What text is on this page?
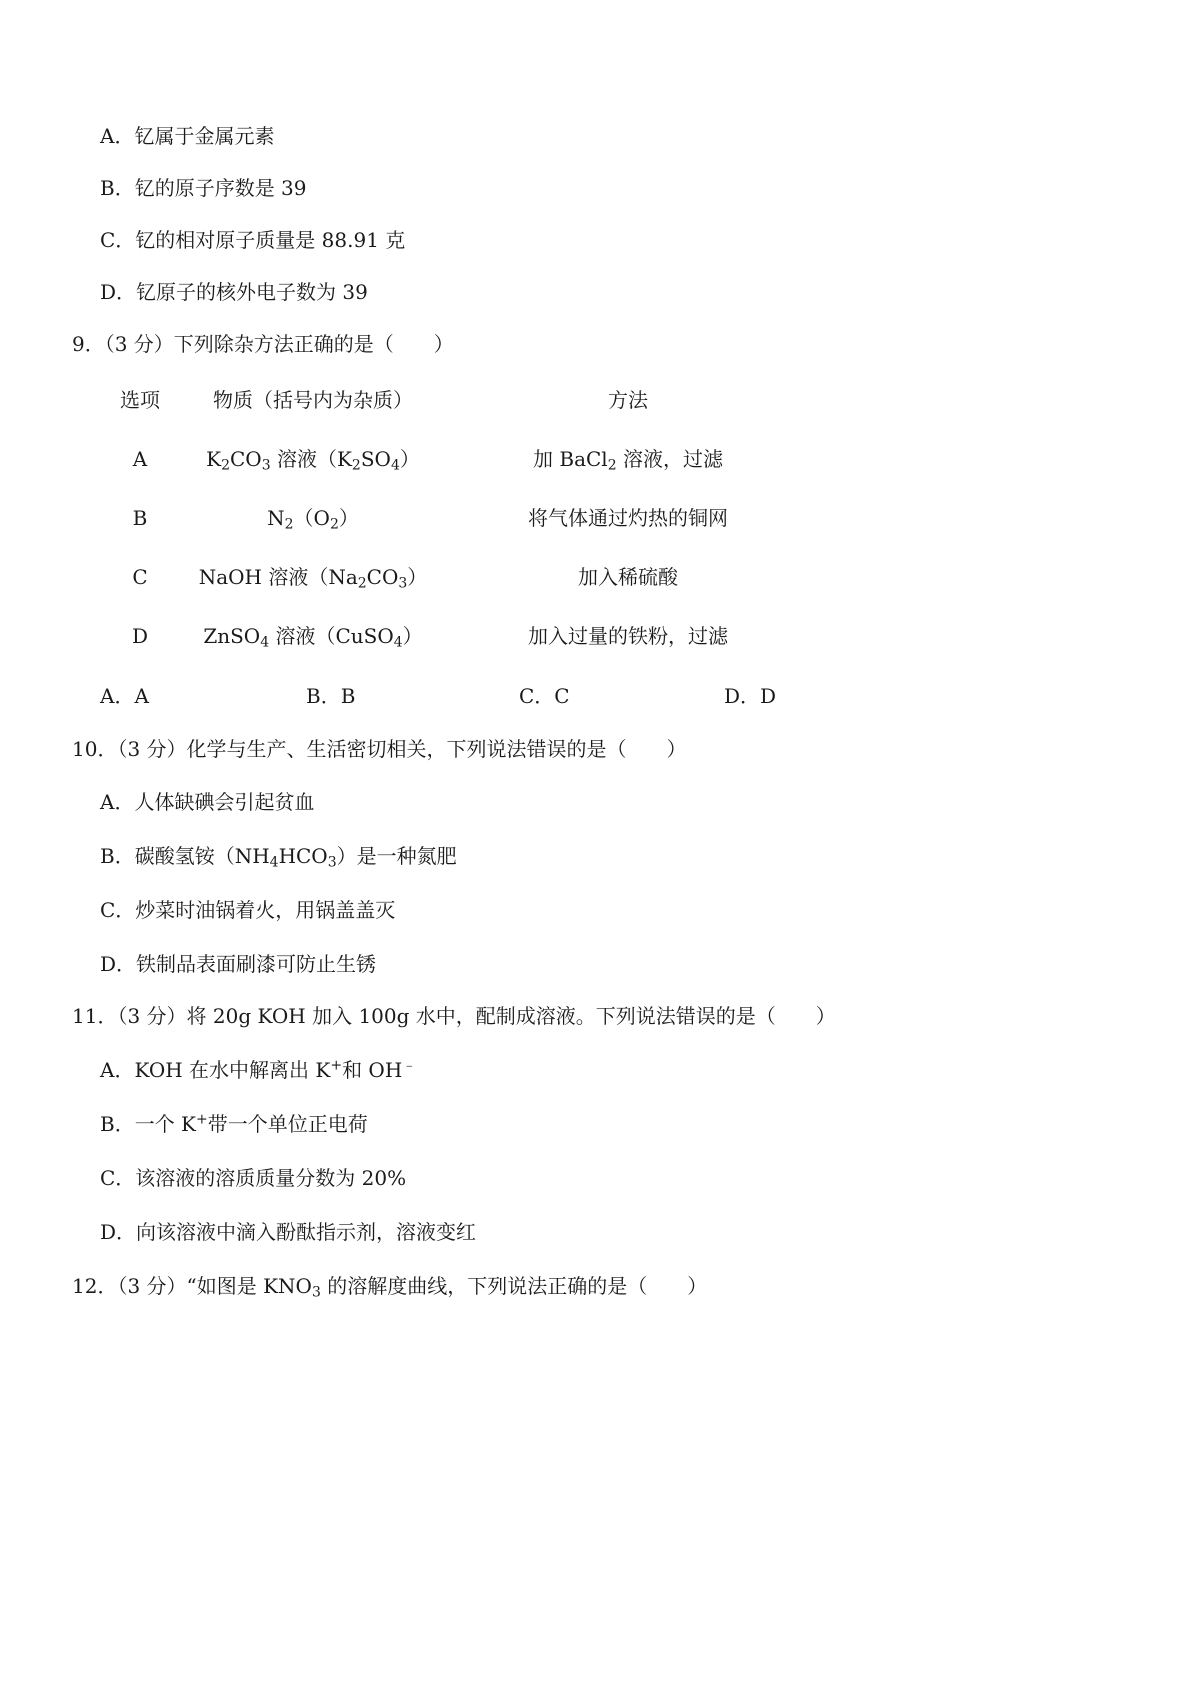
A．钇属于金属元素
B．钇的原子序数是 39
C．钇的相对原子质量是 88.91 克
D．钇原子的核外电子数为 39
9．（3 分）下列除杂方法正确的是（　　）
选项	物质（括号内为杂质）	方法
A	$K_2CO_3$ 溶液$(K_2SO_4)$	加 BaCl$_2$ 溶液，过滤
B	$N_2(O_2)$	将气体通过灼热的铜网
C	NaOH 溶液$(Na_2CO_3)$	加入稀硫酸
D	ZnSO$_4$ 溶液（CuSO$_4$）	加入过量的铁粉，过滤
A．A	B．B	C．C	D．D
10．（3 分）化学与生产、生活密切相关，下列说法错误的是（　　）
A．人体缺碘会引起贫血
B．碳酸氢铵$(NH_4HCO_3)$是一种氮肥
C．炒菜时油锅着火，用锅盖盖灭
D．铁制品表面刷漆可防止生锈
11．（3 分）将 20g KOH 加入 100g 水中，配制成溶液。下列说法错误的是（　　）
A．KOH 在水中解离出 K+和 OH﹣
B．一个 K+带一个单位正电荷
C．该溶液的溶质质量分数为 20%
D．向该溶液中滴入酚酞指示剂，溶液变红
12．（3 分）“如图是 $KNO_3$ 的溶解度曲线，下列说法正确的是（　　）
